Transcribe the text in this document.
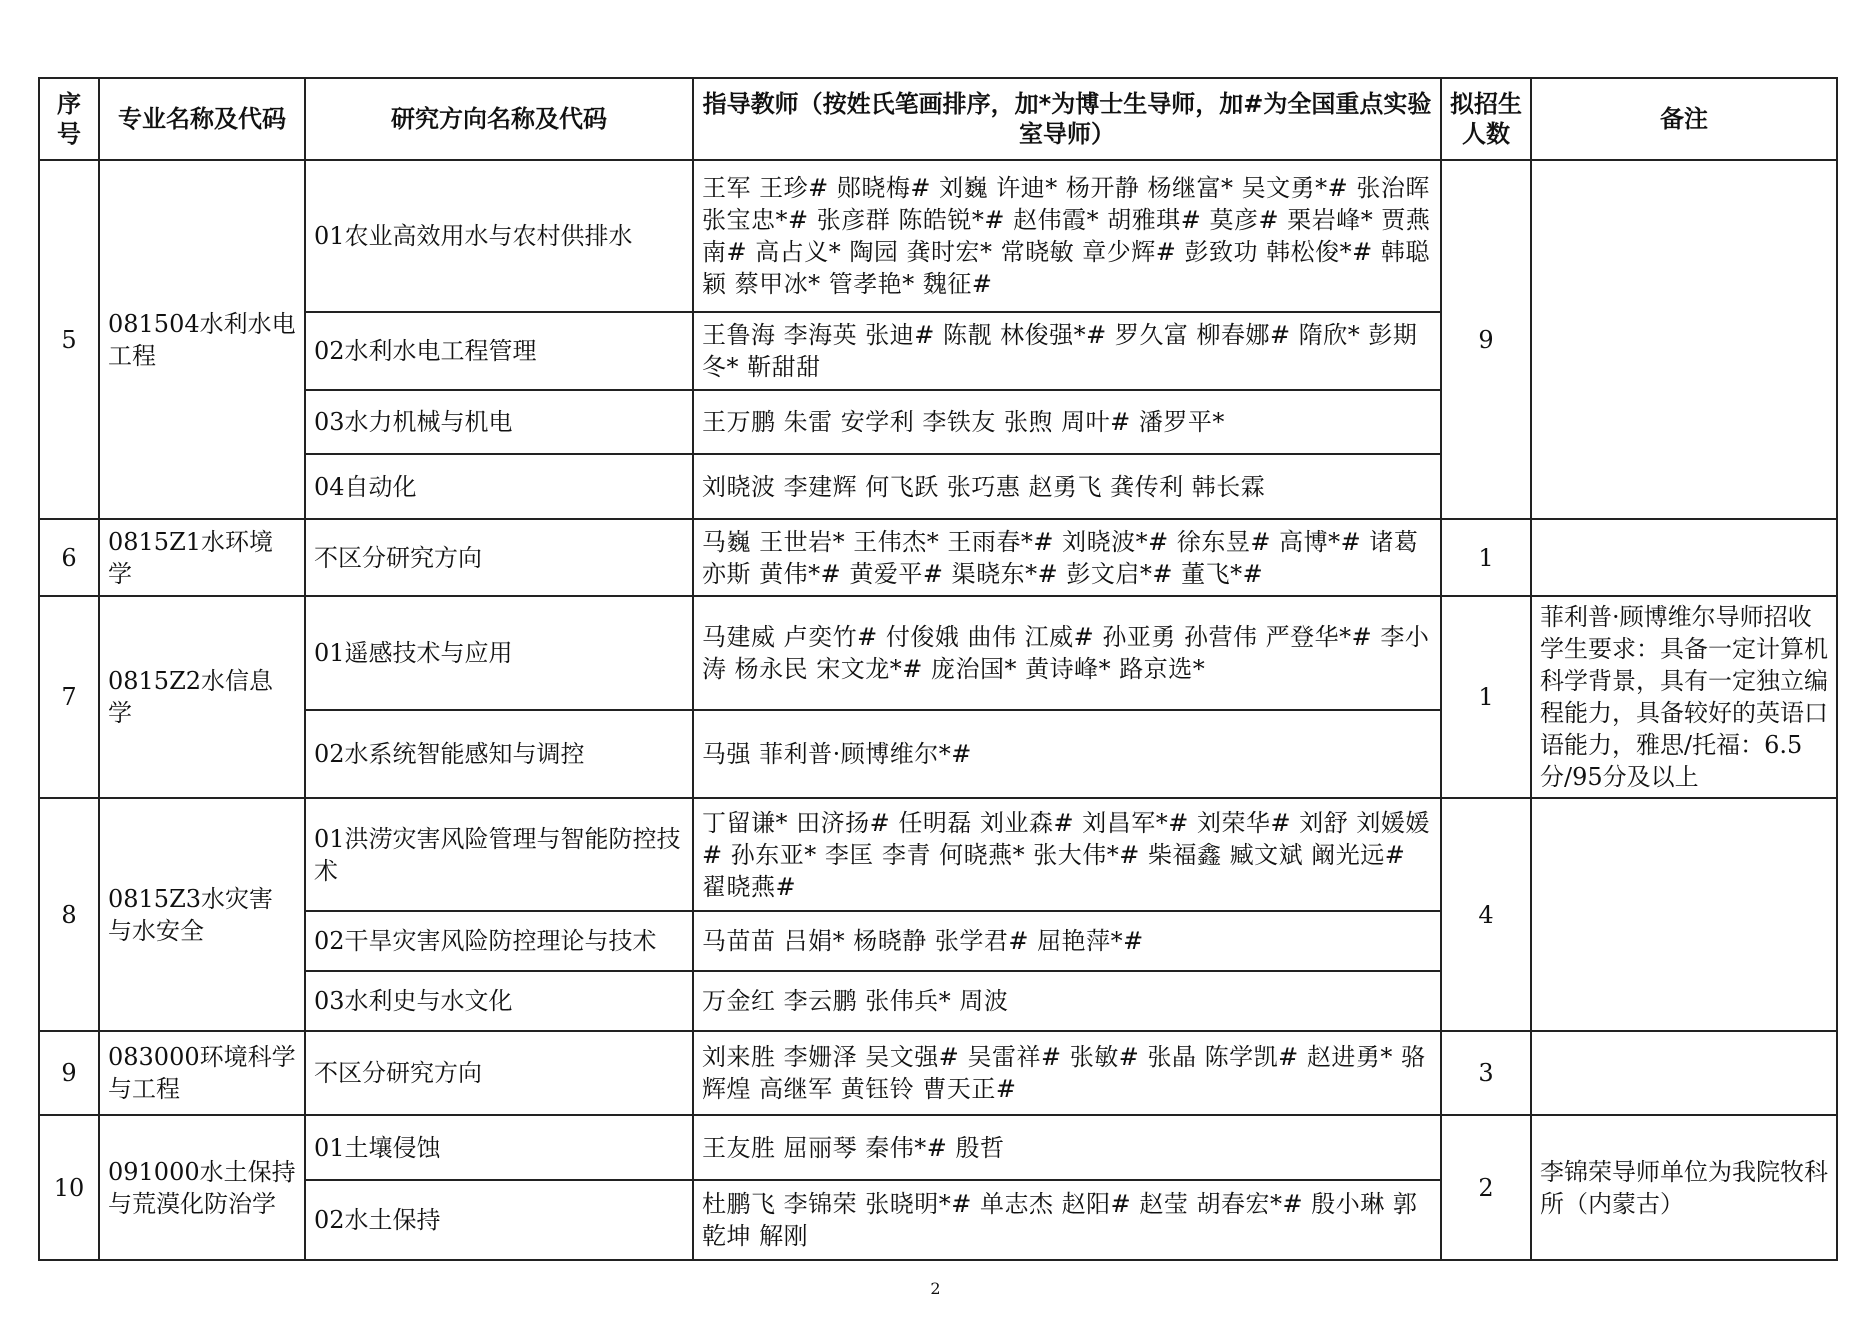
序号	专业名称及代码	研究方向名称及代码	指导教师（按姓氏笔画排序，加*为博士生导师，加#为全国重点实验室导师）	拟招生人数	备注
5	081504水利水电工程	01农业高效用水与农村供排水	王军 王珍# 郧晓梅# 刘巍 许迪* 杨开静 杨继富* 吴文勇*# 张治晖 张宝忠*# 张彦群 陈皓锐*# 赵伟霞* 胡雅琪# 莫彦# 栗岩峰* 贾燕南# 高占义* 陶园 龚时宏* 常晓敏 章少辉# 彭致功 韩松俊*# 韩聪颖 蔡甲冰* 管孝艳* 魏征#	9	
		02水利水电工程管理	王鲁海 李海英 张迪# 陈靓 林俊强*# 罗久富 柳春娜# 隋欣* 彭期冬* 靳甜甜		
		03水力机械与机电	王万鹏 朱雷 安学利 李铁友 张煦 周叶# 潘罗平*		
		04自动化	刘晓波 李建辉 何飞跃 张巧惠 赵勇飞 龚传利 韩长霖		
6	0815Z1水环境学	不区分研究方向	马巍 王世岩* 王伟杰* 王雨春*# 刘晓波*# 徐东昱# 高博*# 诸葛亦斯 黄伟*# 黄爱平# 渠晓东*# 彭文启*# 董飞*#	1	
7	0815Z2水信息学	01遥感技术与应用	马建威 卢奕竹# 付俊娥 曲伟 江威# 孙亚勇 孙营伟 严登华*# 李小涛 杨永民 宋文龙*# 庞治国* 黄诗峰* 路京选*	1	菲利普·顾博维尔导师招收学生要求：具备一定计算机科学背景，具有一定独立编程能力，具备较好的英语口语能力，雅思/托福：6.5分/95分及以上
		02水系统智能感知与调控	马强 菲利普·顾博维尔*#		
8	0815Z3水灾害与水安全	01洪涝灾害风险管理与智能防控技术	丁留谦* 田济扬# 任明磊 刘业森# 刘昌军*# 刘荣华# 刘舒 刘媛媛# 孙东亚* 李匡 李青 何晓燕* 张大伟*# 柴福鑫 臧文斌 阚光远# 翟晓燕#	4	
		02干旱灾害风险防控理论与技术	马苗苗 吕娟* 杨晓静 张学君# 屈艳萍*#		
		03水利史与水文化	万金红 李云鹏 张伟兵* 周波		
9	083000环境科学与工程	不区分研究方向	刘来胜 李姗泽 吴文强# 吴雷祥# 张敏# 张晶 陈学凯# 赵进勇* 骆辉煌 高继军 黄钰铃 曹天正#	3	
10	091000水土保持与荒漠化防治学	01土壤侵蚀	王友胜 屈丽琴 秦伟*# 殷哲	2	李锦荣导师单位为我院牧科所（内蒙古）
		02水土保持	杜鹏飞 李锦荣 张晓明*# 单志杰 赵阳# 赵莹 胡春宏*# 殷小琳 郭乾坤 解刚		
2
